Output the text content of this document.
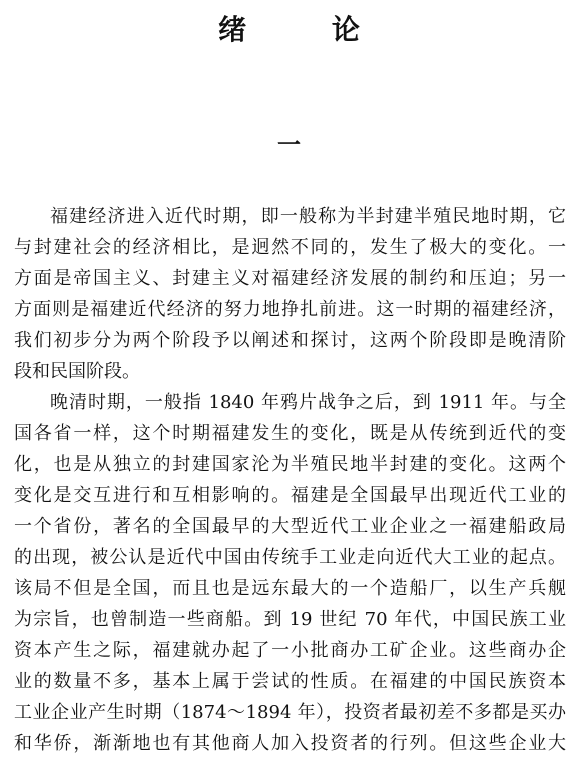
绪 论
一
福建经济进入近代时期，即一般称为半封建半殖民地时期，它
与封建社会的经济相比，是迥然不同的，发生了极大的变化。一
方面是帝国主义、封建主义对福建经济发展的制约和压迫；另一
方面则是福建近代经济的努力地挣扎前进。这一时期的福建经济，
我们初步分为两个阶段予以阐述和探讨，这两个阶段即是晚清阶
段和民国阶段。
晚清时期，一般指 1840 年鸦片战争之后，到 1911 年。与全
国各省一样，这个时期福建发生的变化，既是从传统到近代的变
化，也是从独立的封建国家沦为半殖民地半封建的变化。这两个
变化是交互进行和互相影响的。福建是全国最早出现近代工业的
一个省份，著名的全国最早的大型近代工业企业之一福建船政局
的出现，被公认是近代中国由传统手工业走向近代大工业的起点。
该局不但是全国，而且也是远东最大的一个造船厂，以生产兵舰
为宗旨，也曾制造一些商船。到 19 世纪 70 年代，中国民族工业
资本产生之际，福建就办起了一小批商办工矿企业。这些商办企
业的数量不多，基本上属于尝试的性质。在福建的中国民族资本
工业企业产生时期（1874～1894 年），投资者最初差不多都是买办
和华侨，渐渐地也有其他商人加入投资者的行列。但这些企业大
